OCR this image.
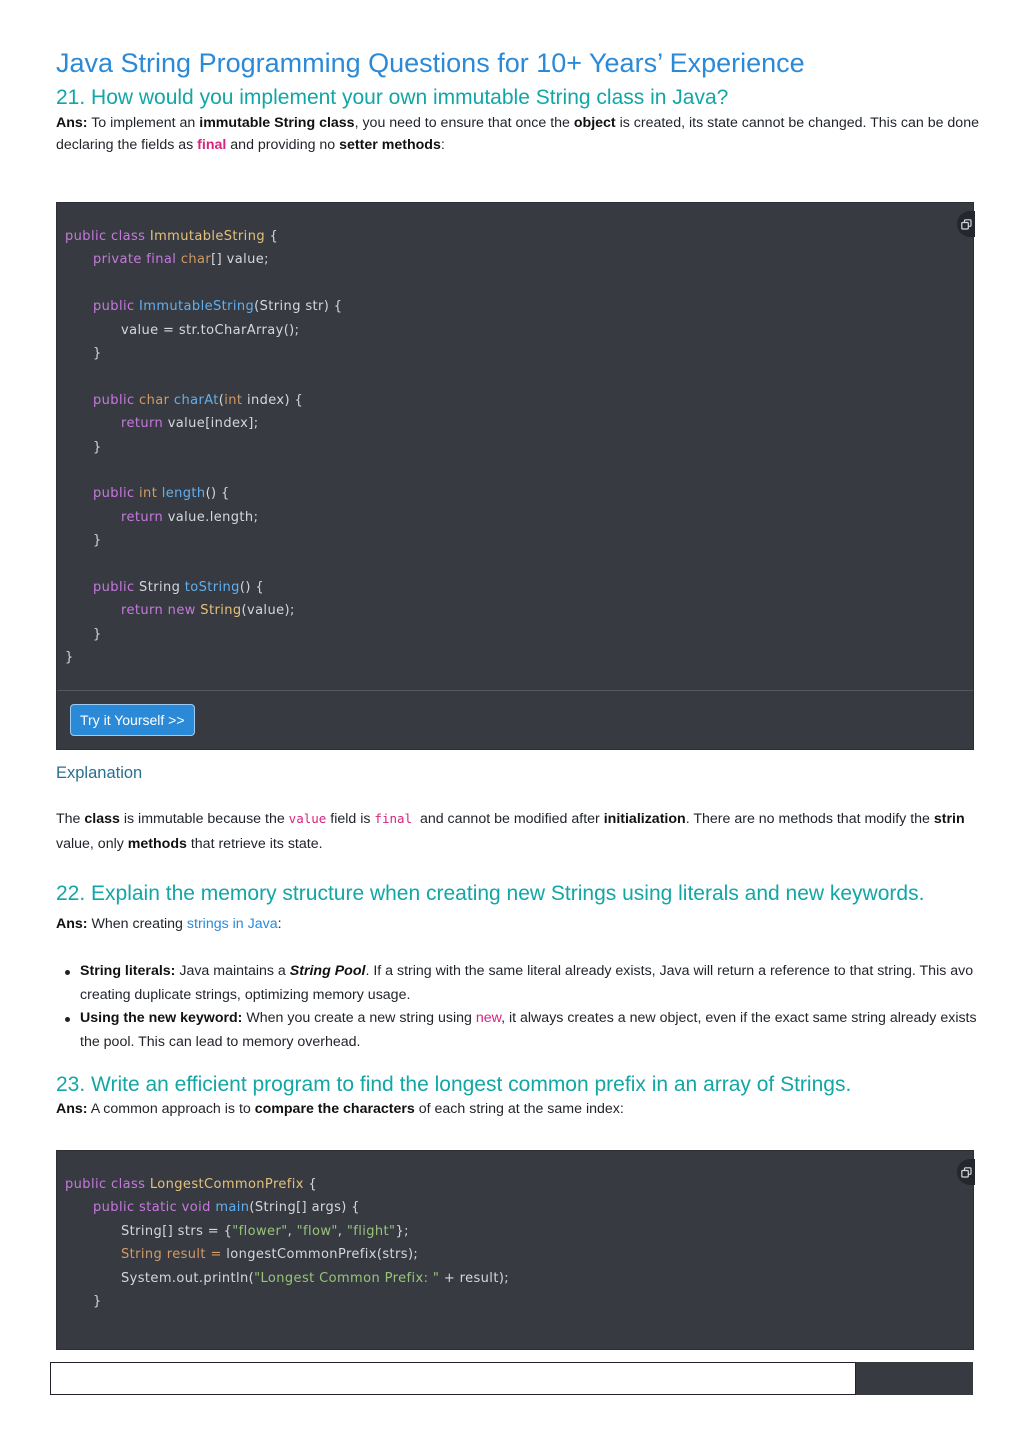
Java String Programming Questions for 10+ Years’ Experience
21. How would you implement your own immutable String class in Java?

Ans: To implement an immutable String class, you need to ensure that once the object is created, its state cannot be changed. This can be done

declaring the fields as final and providing no setter methods:

public class ImmutableString {
private final char[] value;
public ImmutableString(String str) {
value = str.toCharArray();
}
public char charAt(int index) {
return value[index];
}
public int length() {
return value.length;
}
public String toString() {
return new String(value);
}
}
Try it Yourself >>
Explanation

The class is immutable because the value field is final  and cannot be modified after initialization. There are no methods that modify the strin

value, only methods that retrieve its state.

22. Explain the memory structure when creating new Strings using literals and new keywords.

Ans: When creating strings in Java:

String literals: Java maintains a String Pool. If a string with the same literal already exists, Java will return a reference to that string. This avo
creating duplicate strings, optimizing memory usage.
Using the new keyword: When you create a new string using new, it always creates a new object, even if the exact same string already exists
the pool. This can lead to memory overhead.
23. Write an efficient program to find the longest common prefix in an array of Strings.

Ans: A common approach is to compare the characters of each string at the same index:

public class LongestCommonPrefix {
public static void main(String[] args) {
String[] strs = {"flower", "flow", "flight"};
String result = longestCommonPrefix(strs);
System.out.println("Longest Common Prefix: " + result);
}
